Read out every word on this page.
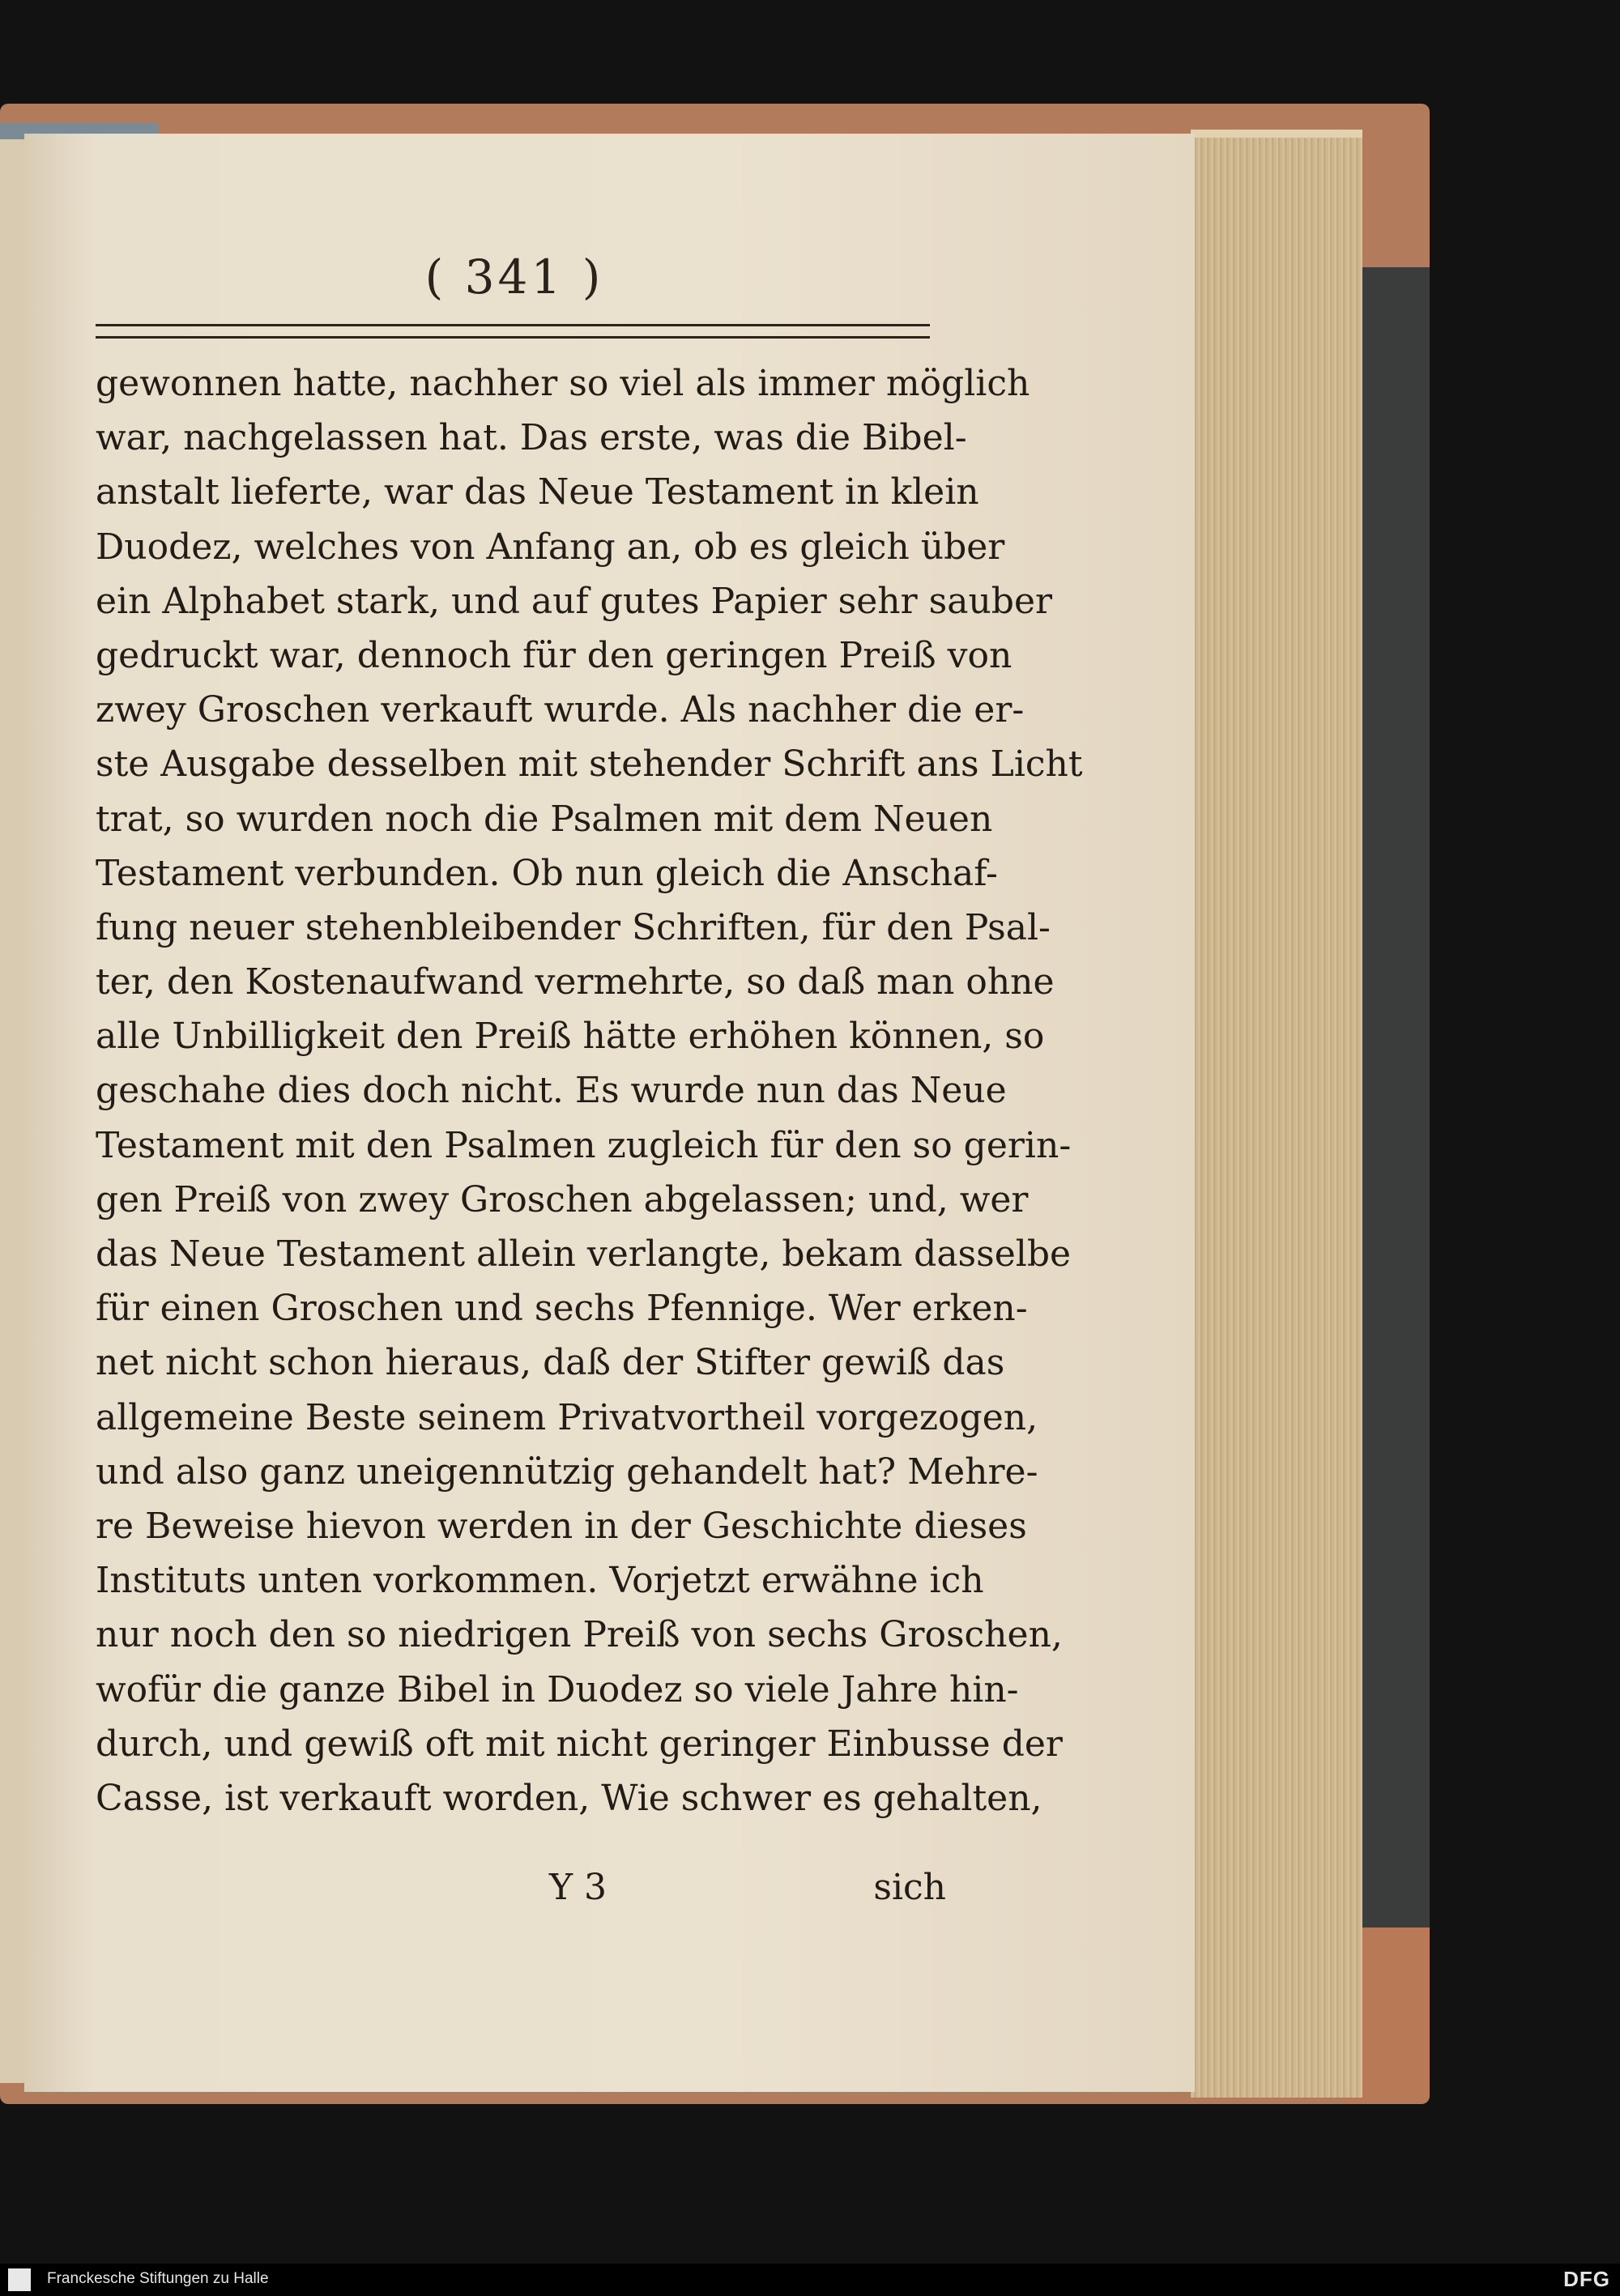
( 341 )
gewonnen hatte, nachher so viel als immer möglich
war, nachgelassen hat. Das erste, was die Bibel-
anstalt lieferte, war das Neue Testament in klein
Duodez, welches von Anfang an, ob es gleich über
ein Alphabet stark, und auf gutes Papier sehr sauber
gedruckt war, dennoch für den geringen Preiß von
zwey Groschen verkauft wurde. Als nachher die er-
ste Ausgabe desselben mit stehender Schrift ans Licht
trat, so wurden noch die Psalmen mit dem Neuen
Testament verbunden. Ob nun gleich die Anschaf-
fung neuer stehenbleibender Schriften, für den Psal-
ter, den Kostenaufwand vermehrte, so daß man ohne
alle Unbilligkeit den Preiß hätte erhöhen können, so
geschahe dies doch nicht. Es wurde nun das Neue
Testament mit den Psalmen zugleich für den so gerin-
gen Preiß von zwey Groschen abgelassen; und, wer
das Neue Testament allein verlangte, bekam dasselbe
für einen Groschen und sechs Pfennige. Wer erken-
net nicht schon hieraus, daß der Stifter gewiß das
allgemeine Beste seinem Privatvortheil vorgezogen,
und also ganz uneigennützig gehandelt hat? Mehre-
re Beweise hievon werden in der Geschichte dieses
Instituts unten vorkommen. Vorjetzt erwähne ich
nur noch den so niedrigen Preiß von sechs Groschen,
wofür die ganze Bibel in Duodez so viele Jahre hin-
durch, und gewiß oft mit nicht geringer Einbusse der
Casse, ist verkauft worden, Wie schwer es gehalten,
Y 3	sich
Franckesche Stiftungen zu Halle	DFG
